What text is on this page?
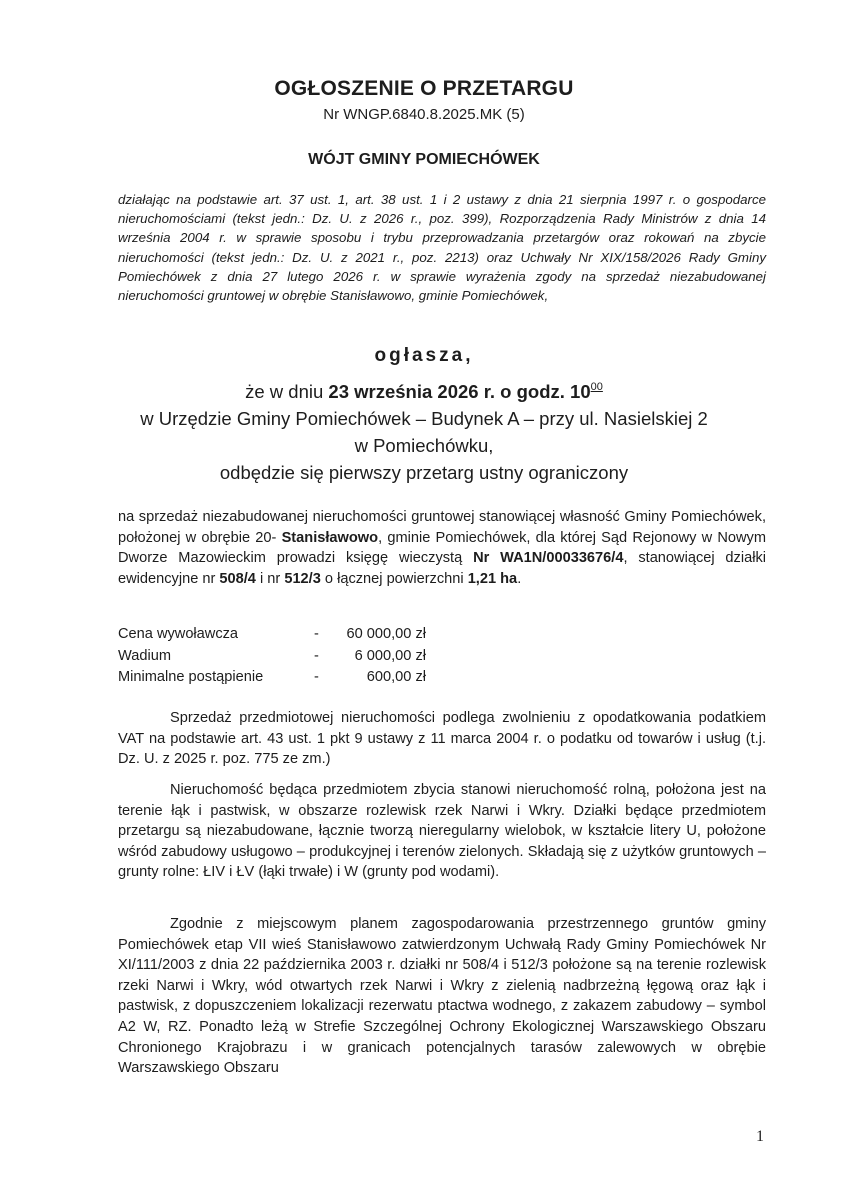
OGŁOSZENIE O PRZETARGU
Nr WNGP.6840.8.2025.MK (5)
WÓJT GMINY POMIECHÓWEK
działając na podstawie art. 37 ust. 1, art. 38 ust. 1 i 2 ustawy z dnia 21 sierpnia 1997 r. o gospodarce nieruchomościami (tekst jedn.: Dz. U. z 2026 r., poz. 399), Rozporządzenia Rady Ministrów z dnia 14 września 2004 r. w sprawie sposobu i trybu przeprowadzania przetargów oraz rokowań na zbycie nieruchomości (tekst jedn.: Dz. U. z 2021 r., poz. 2213) oraz Uchwały Nr XIX/158/2026 Rady Gminy Pomiechówek z dnia 27 lutego 2026 r. w sprawie wyrażenia zgody na sprzedaż niezabudowanej nieruchomości gruntowej w obrębie Stanisławowo, gminie Pomiechówek,
ogłasza,
że w dniu 23 września 2026 r. o godz. $10^{00}$
w Urzędzie Gminy Pomiechówek – Budynek A – przy ul. Nasielskiej 2
w Pomiechówku,
odbędzie się pierwszy przetarg ustny ograniczony
na sprzedaż niezabudowanej nieruchomości gruntowej stanowiącej własność Gminy Pomiechówek, położonej w obrębie 20- Stanisławowo, gminie Pomiechówek, dla której Sąd Rejonowy w Nowym Dworze Mazowieckim prowadzi księgę wieczystą Nr WA1N/00033676/4, stanowiącej działki ewidencyjne nr 508/4 i nr 512/3 o łącznej powierzchni 1,21 ha.
Cena wywoławcza	-	60 000,00 zł
Wadium	-	6 000,00 zł
Minimalne postąpienie	-	600,00 zł
Sprzedaż przedmiotowej nieruchomości podlega zwolnieniu z opodatkowania podatkiem VAT na podstawie art. 43 ust. 1 pkt 9 ustawy z 11 marca 2004 r. o podatku od towarów i usług (t.j. Dz. U. z 2025 r. poz. 775 ze zm.)
Nieruchomość będąca przedmiotem zbycia stanowi nieruchomość rolną, położona jest na terenie łąk i pastwisk, w obszarze rozlewisk rzek Narwi i Wkry. Działki będące przedmiotem przetargu są niezabudowane, łącznie tworzą nieregularny wielobok, w kształcie litery U, położone wśród zabudowy usługowo – produkcyjnej i terenów zielonych. Składają się z użytków gruntowych – grunty rolne: ŁIV i ŁV (łąki trwałe) i W (grunty pod wodami).
Zgodnie z miejscowym planem zagospodarowania przestrzennego gruntów gminy Pomiechówek etap VII wieś Stanisławowo zatwierdzonym Uchwałą Rady Gminy Pomiechówek Nr XI/111/2003 z dnia 22 października 2003 r. działki nr 508/4 i 512/3 położone są na terenie rozlewisk rzeki Narwi i Wkry, wód otwartych rzek Narwi i Wkry z zielenią nadbrzeżną łęgową oraz łąk i pastwisk, z dopuszczeniem lokalizacji rezerwatu ptactwa wodnego, z zakazem zabudowy – symbol A2 W, RZ. Ponadto leżą w Strefie Szczególnej Ochrony Ekologicznej Warszawskiego Obszaru Chronionego Krajobrazu i w granicach potencjalnych tarasów zalewowych w obrębie Warszawskiego Obszaru
1
